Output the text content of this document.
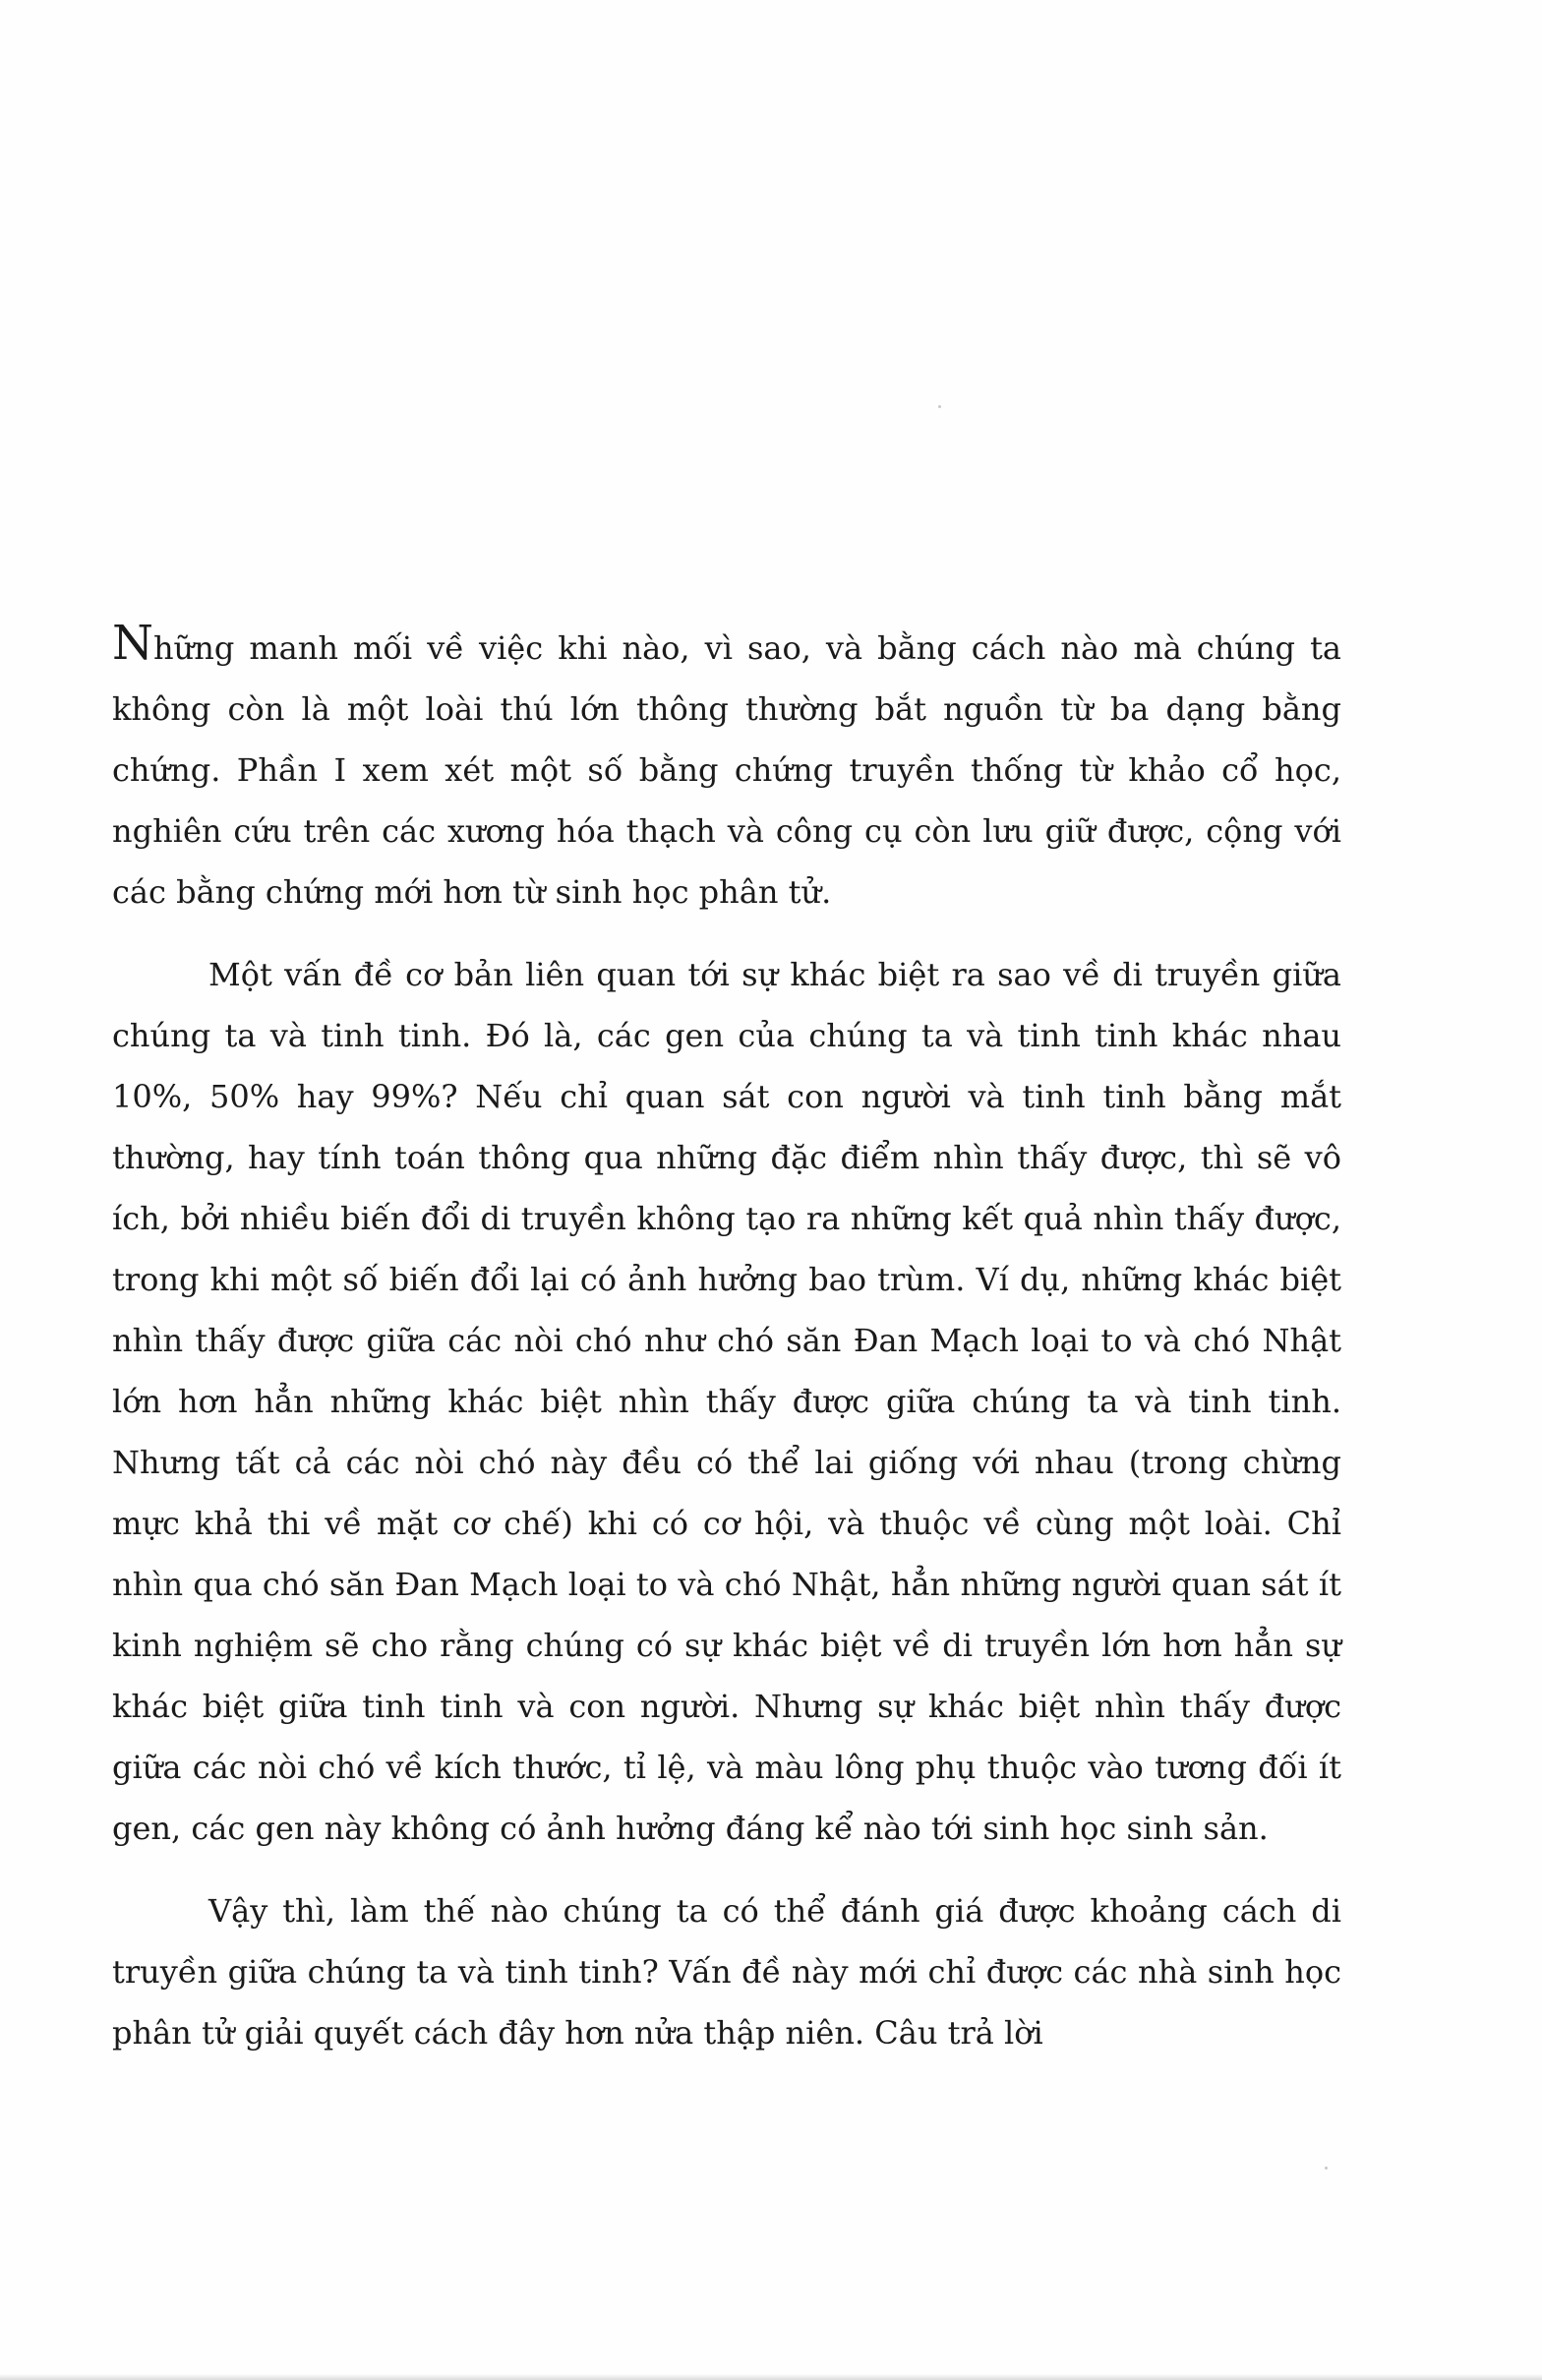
Những manh mối về việc khi nào, vì sao, và bằng cách nào mà chúng ta không còn là một loài thú lớn thông thường bắt nguồn từ ba dạng bằng chứng. Phần I xem xét một số bằng chứng truyền thống từ khảo cổ học, nghiên cứu trên các xương hóa thạch và công cụ còn lưu giữ được, cộng với các bằng chứng mới hơn từ sinh học phân tử.

Một vấn đề cơ bản liên quan tới sự khác biệt ra sao về di truyền giữa chúng ta và tinh tinh. Đó là, các gen của chúng ta và tinh tinh khác nhau 10%, 50% hay 99%? Nếu chỉ quan sát con người và tinh tinh bằng mắt thường, hay tính toán thông qua những đặc điểm nhìn thấy được, thì sẽ vô ích, bởi nhiều biến đổi di truyền không tạo ra những kết quả nhìn thấy được, trong khi một số biến đổi lại có ảnh hưởng bao trùm. Ví dụ, những khác biệt nhìn thấy được giữa các nòi chó như chó săn Đan Mạch loại to và chó Nhật lớn hơn hẳn những khác biệt nhìn thấy được giữa chúng ta và tinh tinh. Nhưng tất cả các nòi chó này đều có thể lai giống với nhau (trong chừng mực khả thi về mặt cơ chế) khi có cơ hội, và thuộc về cùng một loài. Chỉ nhìn qua chó săn Đan Mạch loại to và chó Nhật, hẳn những người quan sát ít kinh nghiệm sẽ cho rằng chúng có sự khác biệt về di truyền lớn hơn hẳn sự khác biệt giữa tinh tinh và con người. Nhưng sự khác biệt nhìn thấy được giữa các nòi chó về kích thước, tỉ lệ, và màu lông phụ thuộc vào tương đối ít gen, các gen này không có ảnh hưởng đáng kể nào tới sinh học sinh sản.

Vậy thì, làm thế nào chúng ta có thể đánh giá được khoảng cách di truyền giữa chúng ta và tinh tinh? Vấn đề này mới chỉ được các nhà sinh học phân tử giải quyết cách đây hơn nửa thập niên. Câu trả lời
